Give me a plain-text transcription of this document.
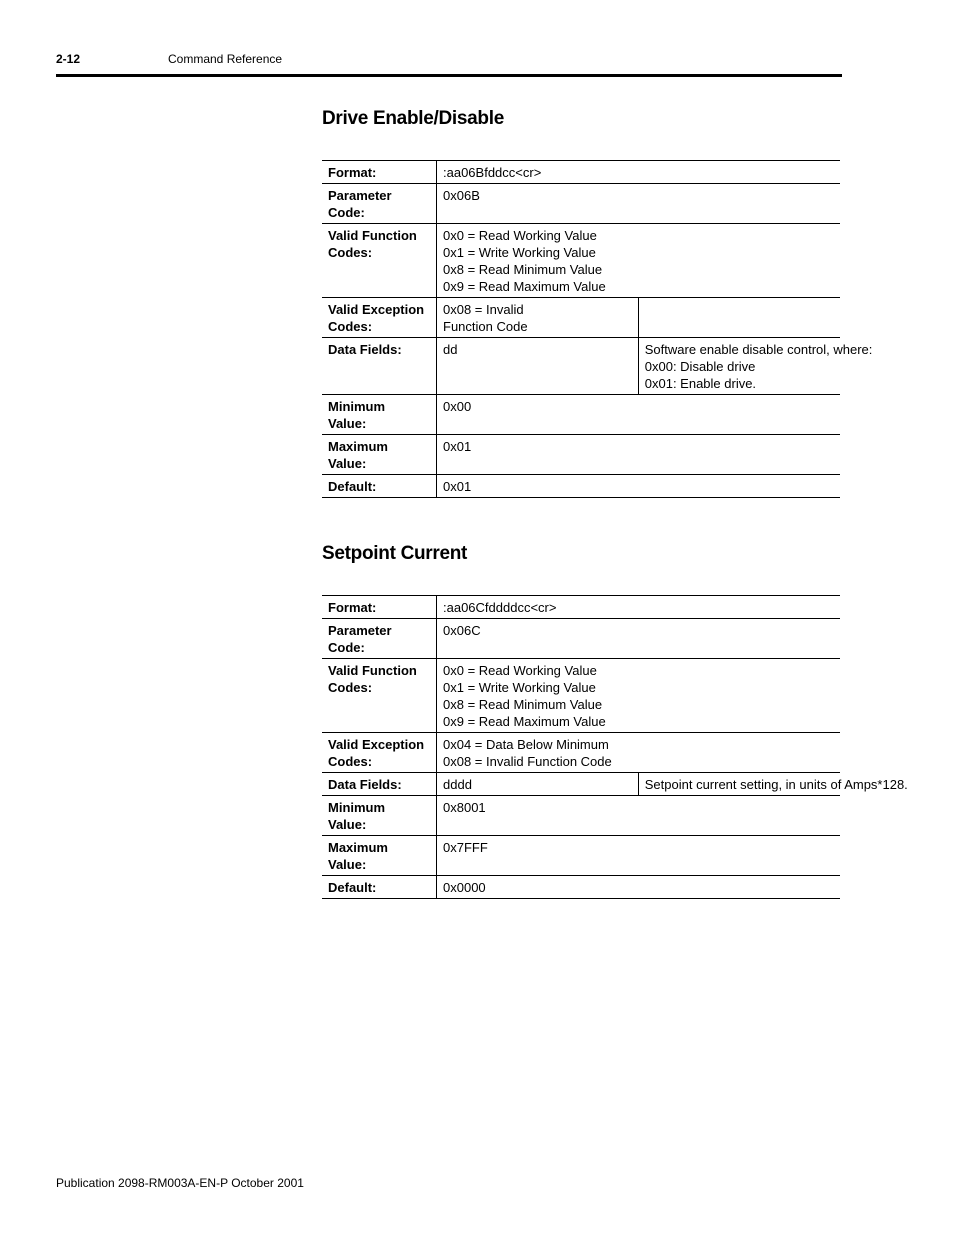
2-12	Command Reference
Drive Enable/Disable
Format:	:aa06Bfddcc<cr>	

Parameter
Code:	0x06B	

Valid Function
Codes:	0x0 = Read Working Value
0x1 = Write Working Value
0x8 = Read Minimum Value
0x9 = Read Maximum Value	

Valid Exception
Codes:	0x08 = Invalid
Function Code	

Data Fields:	dd	Software enable disable control, where:
0x00: Disable drive
0x01: Enable drive.

Minimum
Value:	0x00	

Maximum
Value:	0x01	
Default:	0x01	
Setpoint Current
Format:	:aa06Cfddddcc<cr>	

Parameter
Code:	0x06C	

Valid Function
Codes:	0x0 = Read Working Value
0x1 = Write Working Value
0x8 = Read Minimum Value
0x9 = Read Maximum Value	

Valid Exception
Codes:	0x04 = Data Below Minimum
0x08 = Invalid Function Code	

Data Fields:	dddd	Setpoint current setting, in units of Amps*128.

Minimum
Value:	0x8001	

Maximum
Value:	0x7FFF	
Default:	0x0000	
Publication 2098-RM003A-EN-P October 2001
